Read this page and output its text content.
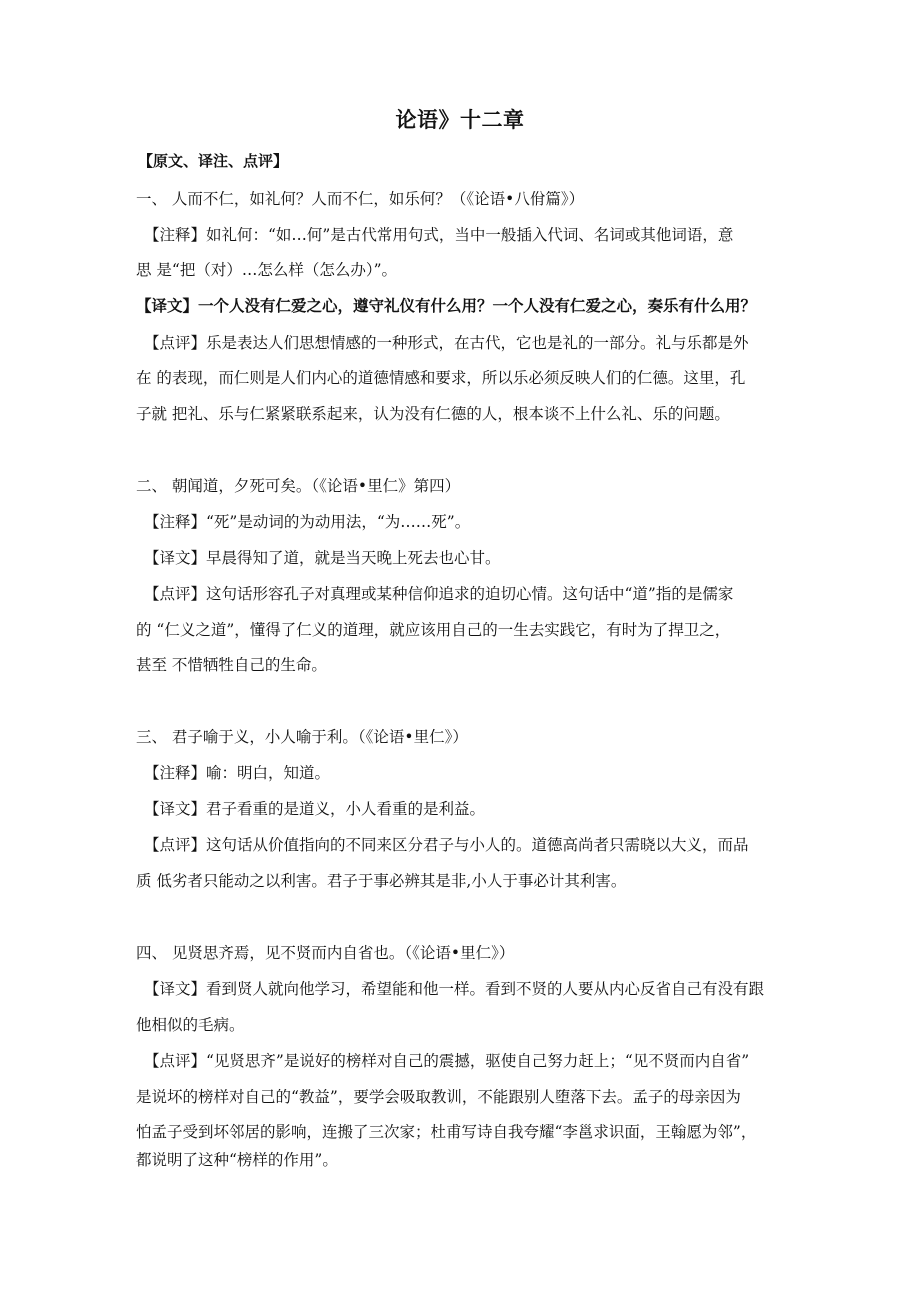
论语》十二章
【原文、译注、点评】
一、 人而不仁，如礼何？人而不仁，如乐何？（《论语•八佾篇》）
【注释】如礼何：“如…何”是古代常用句式，当中一般插入代词、名词或其他词语，意
思 是“把（对）…怎么样（怎么办）”。
【译文】一个人没有仁爱之心，遵守礼仪有什么用？一个人没有仁爱之心，奏乐有什么用？
【点评】乐是表达人们思想情感的一种形式，在古代，它也是礼的一部分。礼与乐都是外
在 的表现，而仁则是人们内心的道德情感和要求，所以乐必须反映人们的仁德。这里，孔
子就 把礼、乐与仁紧紧联系起来，认为没有仁德的人，根本谈不上什么礼、乐的问题。
二、 朝闻道，夕死可矣。（《论语•里仁》第四）
【注释】“死”是动词的为动用法，“为……死”。
【译文】早晨得知了道，就是当天晚上死去也心甘。
【点评】这句话形容孔子对真理或某种信仰追求的迫切心情。这句话中“道”指的是儒家
的 “仁义之道”，懂得了仁义的道理，就应该用自己的一生去实践它，有时为了捍卫之，
甚至 不惜牺牲自己的生命。
三、 君子喻于义，小人喻于利。（《论语•里仁》）
【注释】喻：明白，知道。
【译文】君子看重的是道义，小人看重的是利益。
【点评】这句话从价值指向的不同来区分君子与小人的。道德高尚者只需晓以大义，而品
质 低劣者只能动之以利害。君子于事必辨其是非,小人于事必计其利害。
四、 见贤思齐焉，见不贤而内自省也。（《论语•里仁》）
【译文】看到贤人就向他学习，希望能和他一样。看到不贤的人要从内心反省自己有没有跟
他相似的毛病。
【点评】“见贤思齐”是说好的榜样对自己的震撼，驱使自己努力赶上；“见不贤而内自省”
是说坏的榜样对自己的“教益”，要学会吸取教训，不能跟别人堕落下去。孟子的母亲因为
怕孟子受到坏邻居的影响，连搬了三次家；杜甫写诗自我夸耀“李邕求识面，王翰愿为邻”，
都说明了这种“榜样的作用”。
